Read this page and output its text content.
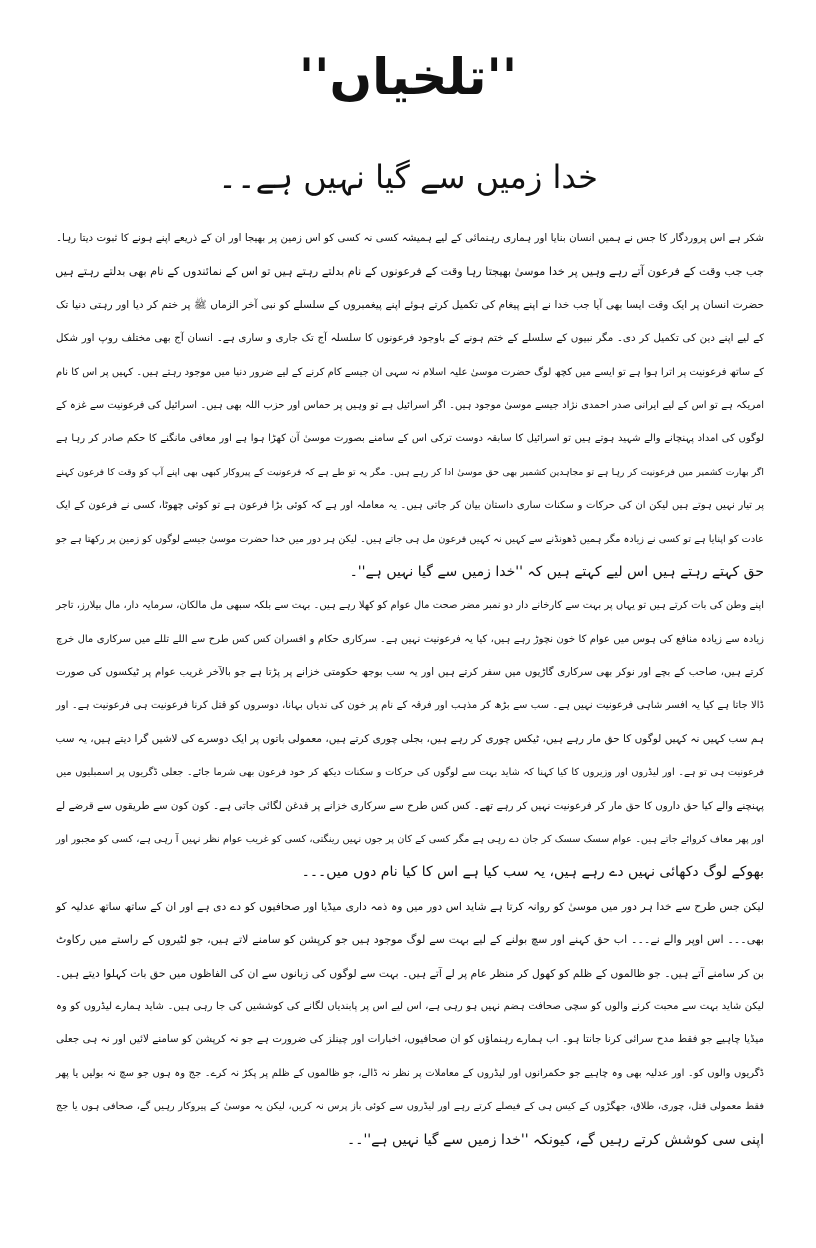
''تلخیاں''
خدا زمیں سے گیا نہیں ہے۔۔
شکر ہے اس پروردگار کا جس نے ہمیں انسان بنایا اور ہماری رہنمائی کے لیے ہمیشہ کسی نہ کسی کو اس زمین پر بھیجا اور ان کے ذریعے اپنے ہونے کا ثبوت دیتا رہا۔
جب جب وقت کے فرعون آتے رہے وہیں پر خدا موسیٰ بھیجتا رہا وقت کے فرعونوں کے نام بدلتے رہتے ہیں تو اس کے نمائندوں کے نام بھی بدلتے رہتے ہیں
حضرت انسان پر ایک وقت ایسا بھی آیا جب خدا نے اپنے پیغام کی تکمیل کرتے ہوئے اپنے پیغمبروں کے سلسلے کو نبی آخر الزماں ﷺ پر ختم کر دیا اور رہتی دنیا تک
کے لیے اپنے دین کی تکمیل کر دی۔ مگر نبیوں کے سلسلے کے ختم ہونے کے باوجود فرعونوں کا سلسلہ آج تک جاری و ساری ہے۔ انسان آج بھی مختلف روپ اور شکل
کے ساتھ فرعونیت پر اترا ہوا ہے تو ایسے میں کچھ لوگ حضرت موسیٰ علیہ اسلام نہ سہی ان جیسے کام کرنے کے لیے ضرور دنیا میں موجود رہتے ہیں۔ کہیں پر اس کا نام
امریکہ ہے تو اس کے لیے ایرانی صدر احمدی نژاد جیسے موسیٰ موجود ہیں۔ اگر اسرائیل ہے تو وہیں پر حماس اور حزب اللہ بھی ہیں۔ اسرائیل کی فرعونیت سے غزہ کے
لوگوں کی امداد پہنچانے والے شہید ہوتے ہیں تو اسرائیل کا سابقہ دوست ترکی اس کے سامنے بصورت موسیٰ آن کھڑا ہوا ہے اور معافی مانگنے کا حکم صادر کر رہا ہے
اگر بھارت کشمیر میں فرعونیت کر رہا ہے تو مجاہدین کشمیر بھی حق موسیٰ ادا کر رہے ہیں۔ مگر یہ تو طے ہے کہ فرعونیت کے پیروکار کبھی بھی اپنے آپ کو وقت کا فرعون کہنے
پر تیار نہیں ہوتے ہیں لیکن ان کی حرکات و سکنات ساری داستان بیان کر جاتی ہیں۔ یہ معاملہ اور ہے کہ کوئی بڑا فرعون ہے تو کوئی چھوٹا، کسی نے فرعون کے ایک
عادت کو اپنایا ہے تو کسی نے زیادہ مگر ہمیں ڈھونڈنے سے کہیں نہ کہیں فرعون مل ہی جاتے ہیں۔ لیکن ہر دور میں خدا حضرت موسیٰ جیسے لوگوں کو زمین پر رکھتا ہے جو
حق کہتے رہتے ہیں اس لیے کہتے ہیں کہ ''خدا زمیں سے گیا نہیں ہے''۔
اپنے وطن کی بات کرتے ہیں تو یہاں پر بہت سے کارخانے دار دو نمبر مضر صحت مال عوام کو کھلا رہے ہیں۔ بہت سے بلکہ سبھی مل مالکان، سرمایہ دار، مال بیلارز، تاجر
زیادہ سے زیادہ منافع کی ہوس میں عوام کا خون نچوڑ رہے ہیں، کیا یہ فرعونیت نہیں ہے۔ سرکاری حکام و افسران کس کس طرح سے اللے تللے میں سرکاری مال خرچ
کرتے ہیں، صاحب کے بچے اور نوکر بھی سرکاری گاڑیوں میں سفر کرتے ہیں اور یہ سب بوجھ حکومتی خزانے پر پڑتا ہے جو بالآخر غریب عوام پر ٹیکسوں کی صورت
ڈالا جاتا ہے کیا یہ افسر شاہی فرعونیت نہیں ہے۔ سب سے بڑھ کر مذہب اور فرقہ کے نام پر خون کی ندیاں بہانا، دوسروں کو قتل کرنا فرعونیت ہی فرعونیت ہے۔ اور
ہم سب کہیں نہ کہیں لوگوں کا حق مار رہے ہیں، ٹیکس چوری کر رہے ہیں، بجلی چوری کرتے ہیں، معمولی باتوں پر ایک دوسرے کی لاشیں گرا دیتے ہیں، یہ سب
فرعونیت ہی تو ہے۔ اور لیڈروں اور وزیروں کا کیا کہنا کہ شاید بہت سے لوگوں کی حرکات و سکنات دیکھ کر خود فرعون بھی شرما جائے۔ جعلی ڈگریوں پر اسمبلیوں میں
پہنچنے والے کیا حق داروں کا حق مار کر فرعونیت نہیں کر رہے تھے۔ کس کس طرح سے سرکاری خزانے پر قدغن لگائی جاتی ہے۔ کون کون سے طریقوں سے قرضے لے
اور پھر معاف کروائے جاتے ہیں۔ عوام سسک سسک کر جان دے رہی ہے مگر کسی کے کان پر جوں نہیں رینگتی، کسی کو غریب عوام نظر نہیں آ رہی ہے، کسی کو مجبور اور
بھوکے لوگ دکھائی نہیں دے رہے ہیں، یہ سب کیا ہے اس کا کیا نام دوں میں۔۔۔
لیکن جس طرح سے خدا ہر دور میں موسیٰ کو روانہ کرتا ہے شاید اس دور میں وہ ذمہ داری میڈیا اور صحافیوں کو دے دی ہے اور ان کے ساتھ ساتھ عدلیہ کو
بھی۔۔۔ اس اوپر والے نے۔۔۔ اب حق کہنے اور سچ بولنے کے لیے بہت سے لوگ موجود ہیں جو کرپشن کو سامنے لاتے ہیں، جو لٹیروں کے راستے میں رکاوٹ
بن کر سامنے آتے ہیں۔ جو ظالموں کے ظلم کو کھول کر منظر عام پر لے آتے ہیں۔ بہت سے لوگوں کی زبانوں سے ان کی الفاظوں میں حق بات کہلوا دیتے ہیں۔
لیکن شاید بہت سے محبت کرنے والوں کو سچی صحافت ہضم نہیں ہو رہی ہے، اس لیے اس پر پابندیاں لگانے کی کوششیں کی جا رہی ہیں۔ شاید ہمارے لیڈروں کو وہ
میڈیا چاہیے جو فقط مدح سرائی کرنا جانتا ہو۔ اب ہمارے رہنماؤں کو ان صحافیوں، اخبارات اور چینلز کی ضرورت ہے جو نہ کرپشن کو سامنے لائیں اور نہ ہی جعلی
ڈگریوں والوں کو۔ اور عدلیہ بھی وہ چاہیے جو حکمرانوں اور لیڈروں کے معاملات پر نظر نہ ڈالے، جو ظالموں کے ظلم پر پکڑ نہ کرے۔ جج وہ ہوں جو سچ نہ بولیں یا پھر
فقط معمولی قتل، چوری، طلاق، جھگڑوں کے کیس ہی کے فیصلے کرتے رہے اور لیڈروں سے کوئی باز پرس نہ کریں، لیکن یہ موسیٰ کے پیروکار رہیں گے، صحافی ہوں یا جج
اپنی سی کوشش کرتے رہیں گے، کیونکہ ''خدا زمیں سے گیا نہیں ہے''۔۔
